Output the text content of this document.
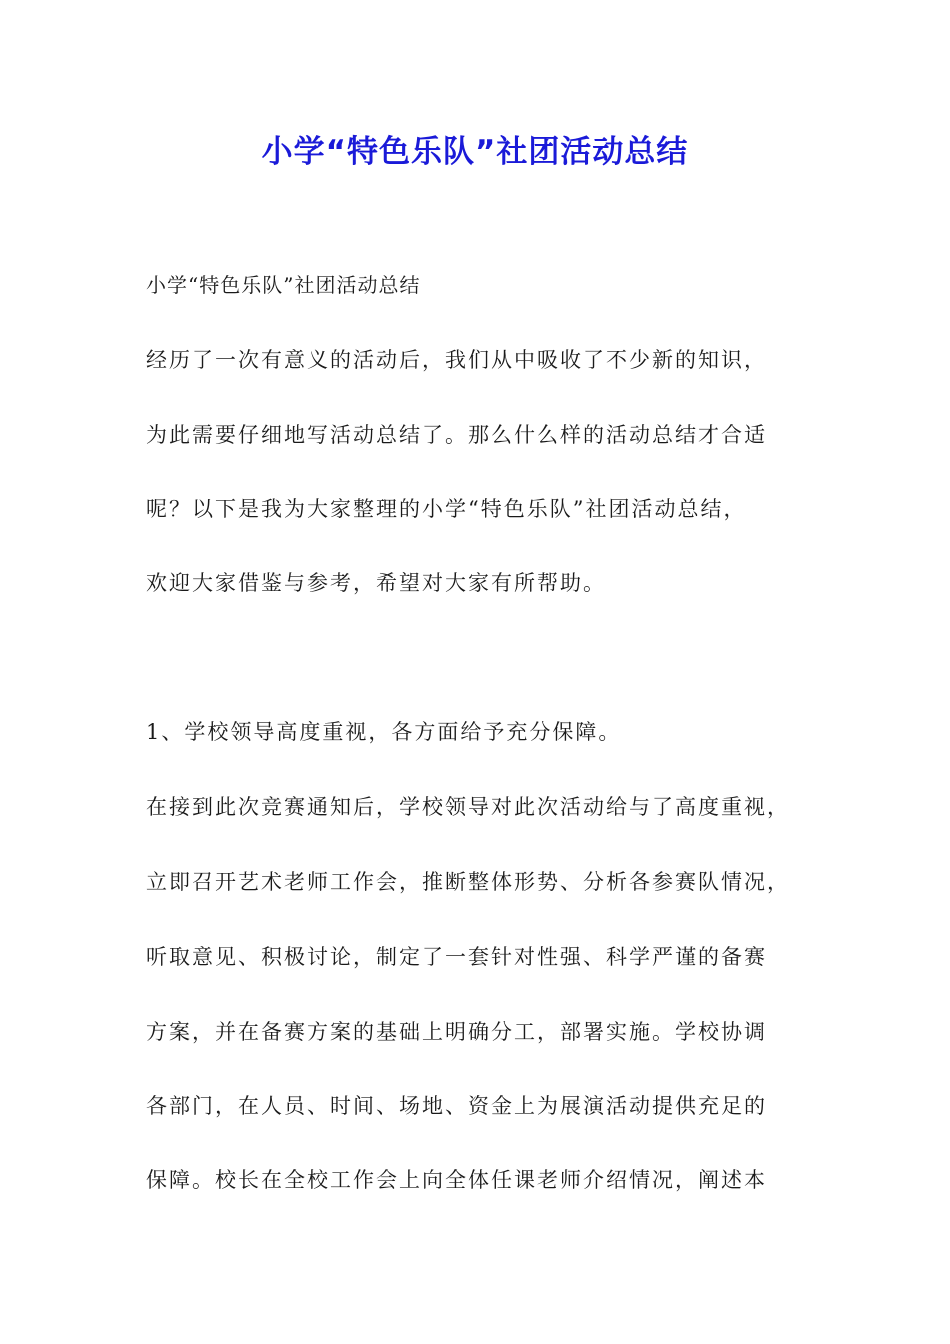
小学“特色乐队”社团活动总结

小学“特色乐队”社团活动总结

经历了一次有意义的活动后，我们从中吸收了不少新的知识，

为此需要仔细地写活动总结了。那么什么样的活动总结才合适

呢？以下是我为大家整理的小学“特色乐队”社团活动总结，

欢迎大家借鉴与参考，希望对大家有所帮助。

1、学校领导高度重视，各方面给予充分保障。

在接到此次竞赛通知后，学校领导对此次活动给与了高度重视，

立即召开艺术老师工作会，推断整体形势、分析各参赛队情况，

听取意见、积极讨论，制定了一套针对性强、科学严谨的备赛

方案，并在备赛方案的基础上明确分工，部署实施。学校协调

各部门，在人员、时间、场地、资金上为展演活动提供充足的

保障。校长在全校工作会上向全体任课老师介绍情况，阐述本
